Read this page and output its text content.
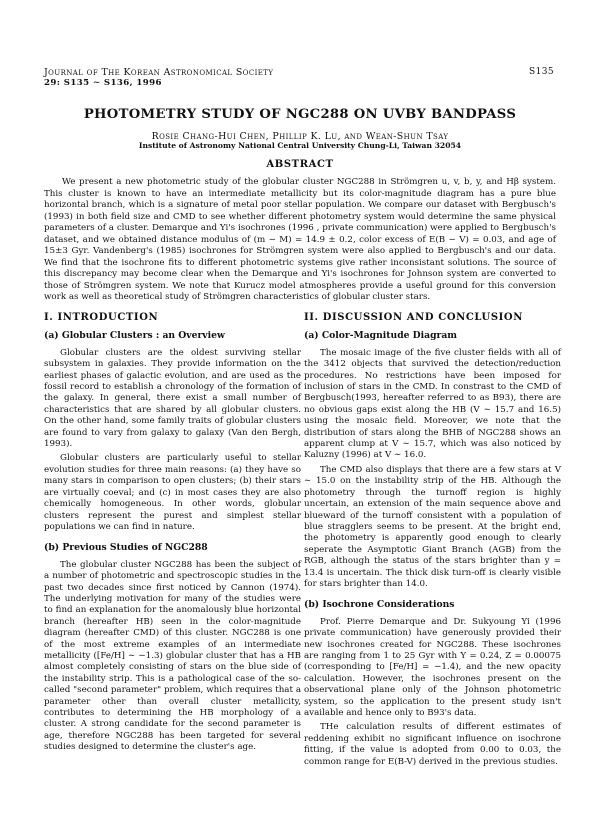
Journal of The Korean Astronomical Society
29: S135 ∼ S136, 1996
S135
PHOTOMETRY STUDY OF NGC288 ON UVBY BANDPASS
Rosie Chang-Hui Chen, Phillip K. Lu, and Wean-Shun Tsay
Institute of Astronomy National Central University Chung-Li, Taiwan 32054
ABSTRACT

We present a new photometric study of the globular cluster NGC288 in Strömgren u, v, b, y, and Hβ system. This cluster is known to have an intermediate metallicity but its color-magnitude diagram has a pure blue horizontal branch, which is a signature of metal poor stellar population. We compare our dataset with Bergbusch's (1993) in both field size and CMD to see whether different photometry system would determine the same physical parameters of a cluster. Demarque and Yi's isochrones (1996 , private communication) were applied to Bergbusch's dataset, and we obtained distance modulus of (m − M) = 14.9 ± 0.2, color excess of E(B − V) = 0.03, and age of 15±3 Gyr. Vandenberg's (1985) isochrones for Strömgren system were also applied to Bergbusch's and our data. We find that the isochrone fits to different photometric systems give rather inconsistant solutions. The source of this discrepancy may become clear when the Demarque and Yi's isochrones for Johnson system are converted to those of Strömgren system. We note that Kurucz model atmospheres provide a useful ground for this conversion work as well as theoretical study of Strömgren characteristics of globular cluster stars.

I. INTRODUCTION
(a) Globular Clusters : an Overview

Globular clusters are the oldest surviving stellar subsystem in galaxies. They provide information on the earliest phases of galactic evolution, and are used as the fossil record to establish a chronology of the formation of the galaxy. In general, there exist a small number of characteristics that are shared by all globular clusters. On the other hand, some family traits of globular clusters are found to vary from galaxy to galaxy (Van den Bergh, 1993).

Globular clusters are particularly useful to stellar evolution studies for three main reasons: (a) they have so many stars in comparison to open clusters; (b) their stars are virtually coeval; and (c) in most cases they are also chemically homogeneous. In other words, globular clusters represent the purest and simplest stellar populations we can find in nature.

(b) Previous Studies of NGC288

The globular cluster NGC288 has been the subject of a number of photometric and spectroscopic studies in the past two decades since first noticed by Cannon (1974). The underlying motivation for many of the studies were to find an explanation for the anomalously blue horizontal branch (hereafter HB) seen in the color-magnitude diagram (hereafter CMD) of this cluster. NGC288 is one of the most extreme examples of an intermediate metallicity ([Fe/H] ∼ −1.3) globular cluster that has a HB almost completely consisting of stars on the blue side of the instability strip. This is a pathological case of the so-called "second parameter" problem, which requires that a parameter other than overall cluster metallicity, contributes to determining the HB morphology of a cluster. A strong candidate for the second parameter is age, therefore NGC288 has been targeted for several studies designed to determine the cluster's age.

II. DISCUSSION AND CONCLUSION
(a) Color-Magnitude Diagram

The mosaic image of the five cluster fields with all of the 3412 objects that survived the detection/reduction procedures. No restrictions have been imposed for inclusion of stars in the CMD. In constrast to the CMD of Bergbusch(1993, hereafter referred to as B93), there are no obvious gaps exist along the HB (V ∼ 15.7 and 16.5) using the mosaic field. Moreover, we note that the distribution of stars along the BHB of NGC288 shows an apparent clump at V ∼ 15.7, which was also noticed by Kaluzny (1996) at V ∼ 16.0.

The CMD also displays that there are a few stars at V ∼ 15.0 on the instability strip of the HB. Although the photometry through the turnoff region is highly uncertain, an extension of the main sequence above and blueward of the turnoff consistent with a population of blue stragglers seems to be present. At the bright end, the photometry is apparently good enough to clearly seperate the Asymptotic Giant Branch (AGB) from the RGB, although the status of the stars brighter than y = 13.4 is uncertain. The thick disk turn-off is clearly visible for stars brighter than 14.0.

(b) Isochrone Considerations

Prof. Pierre Demarque and Dr. Sukyoung Yi (1996 private communication) have generously provided their new isochrones created for NGC288. These isochrones are ranging from 1 to 25 Gyr with Y = 0.24, Z = 0.00075 (corresponding to [Fe/H] = −1.4), and the new opacity calculation. However, the isochrones present on the observational plane only of the Johnson photometric system, so the application to the present study isn't available and hence only to B93's data.

THe calculation results of different estimates of reddening exhibit no significant influence on isochrone fitting, if the value is adopted from 0.00 to 0.03, the common range for E(B-V) derived in the previous studies.
